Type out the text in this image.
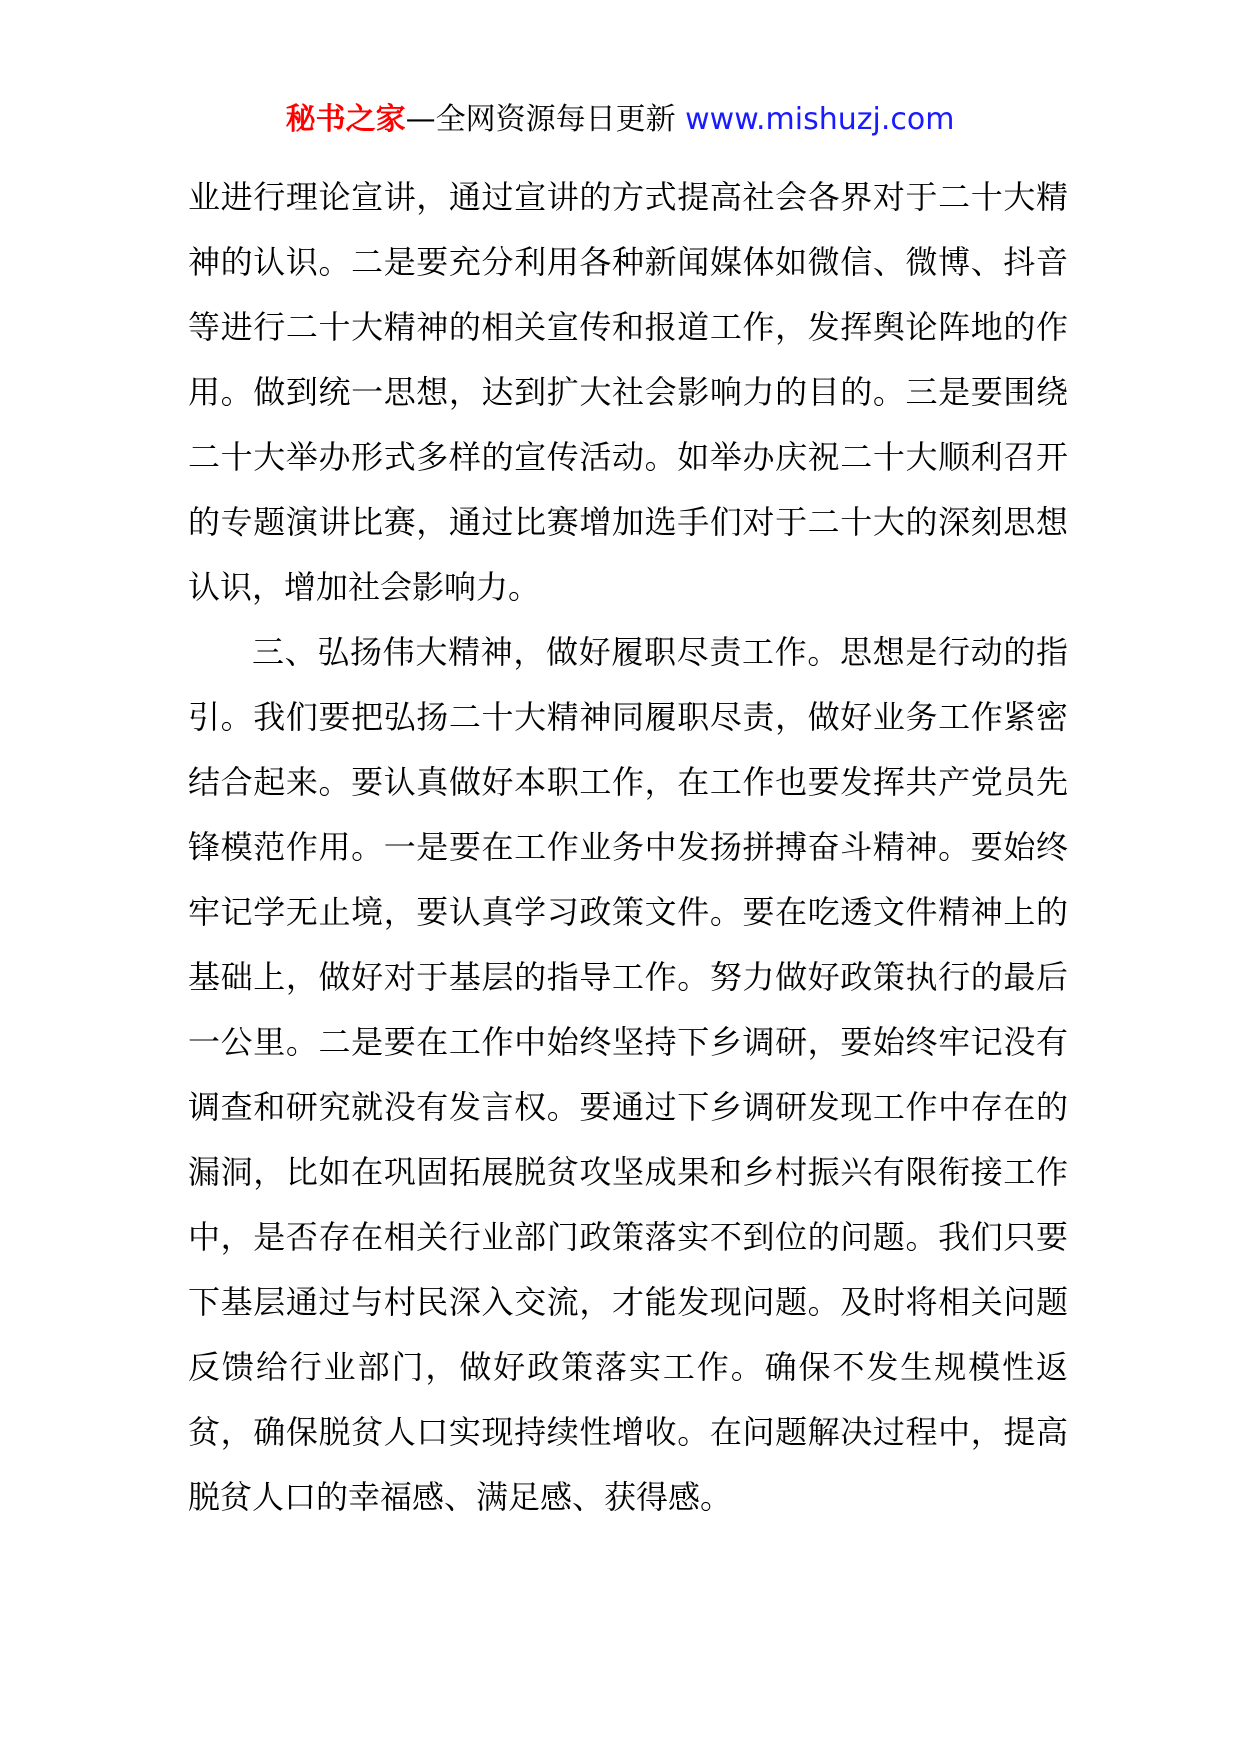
秘书之家—全网资源每日更新 www.mishuzj.com

业进行理论宣讲，通过宣讲的方式提高社会各界对于二十大精神的认识。二是要充分利用各种新闻媒体如微信、微博、抖音等进行二十大精神的相关宣传和报道工作，发挥舆论阵地的作用。做到统一思想，达到扩大社会影响力的目的。三是要围绕二十大举办形式多样的宣传活动。如举办庆祝二十大顺利召开的专题演讲比赛，通过比赛增加选手们对于二十大的深刻思想认识，增加社会影响力。

三、弘扬伟大精神，做好履职尽责工作。思想是行动的指引。我们要把弘扬二十大精神同履职尽责，做好业务工作紧密结合起来。要认真做好本职工作，在工作也要发挥共产党员先锋模范作用。一是要在工作业务中发扬拼搏奋斗精神。要始终牢记学无止境，要认真学习政策文件。要在吃透文件精神上的基础上，做好对于基层的指导工作。努力做好政策执行的最后一公里。二是要在工作中始终坚持下乡调研，要始终牢记没有调查和研究就没有发言权。要通过下乡调研发现工作中存在的漏洞，比如在巩固拓展脱贫攻坚成果和乡村振兴有限衔接工作中，是否存在相关行业部门政策落实不到位的问题。我们只要下基层通过与村民深入交流，才能发现问题。及时将相关问题反馈给行业部门，做好政策落实工作。确保不发生规模性返贫，确保脱贫人口实现持续性增收。在问题解决过程中，提高脱贫人口的幸福感、满足感、获得感。
